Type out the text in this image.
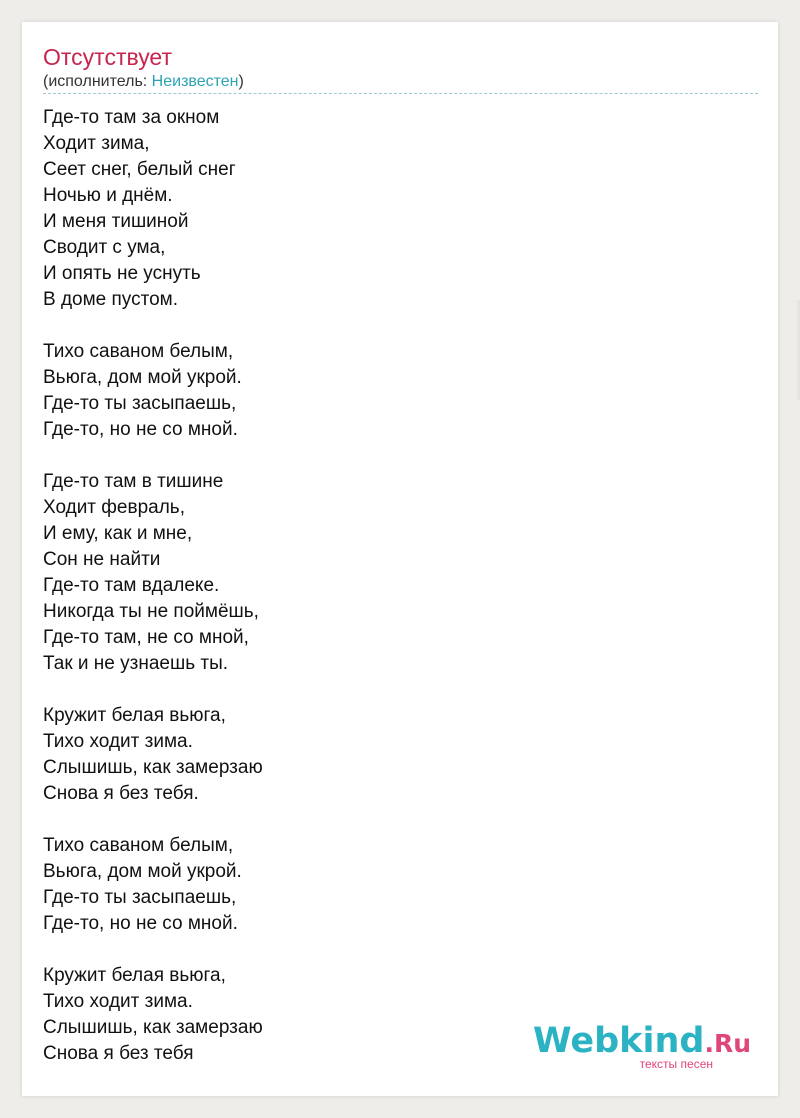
Отсутствует
(исполнитель: Неизвестен)
Где-то там за окном
Ходит зима,
Сеет снег, белый снег
Ночью и днём.
И меня тишиной
Сводит с ума,
И опять не уснуть
В доме пустом.
Тихо саваном белым,
Вьюга, дом мой укрой.
Где-то ты засыпаешь,
Где-то, но не со мной.
Где-то там в тишине
Ходит февраль,
И ему, как и мне,
Сон не найти
Где-то там вдалеке.
Никогда ты не поймёшь,
Где-то там, не со мной,
Так и не узнаешь ты.
Кружит белая вьюга,
Тихо ходит зима.
Слышишь, как замерзаю
Снова я без тебя.
Тихо саваном белым,
Вьюга, дом мой укрой.
Где-то ты засыпаешь,
Где-то, но не со мной.
Кружит белая вьюга,
Тихо ходит зима.
Слышишь, как замерзаю
Снова я без тебя	Webkind.Ru
тексты песен
